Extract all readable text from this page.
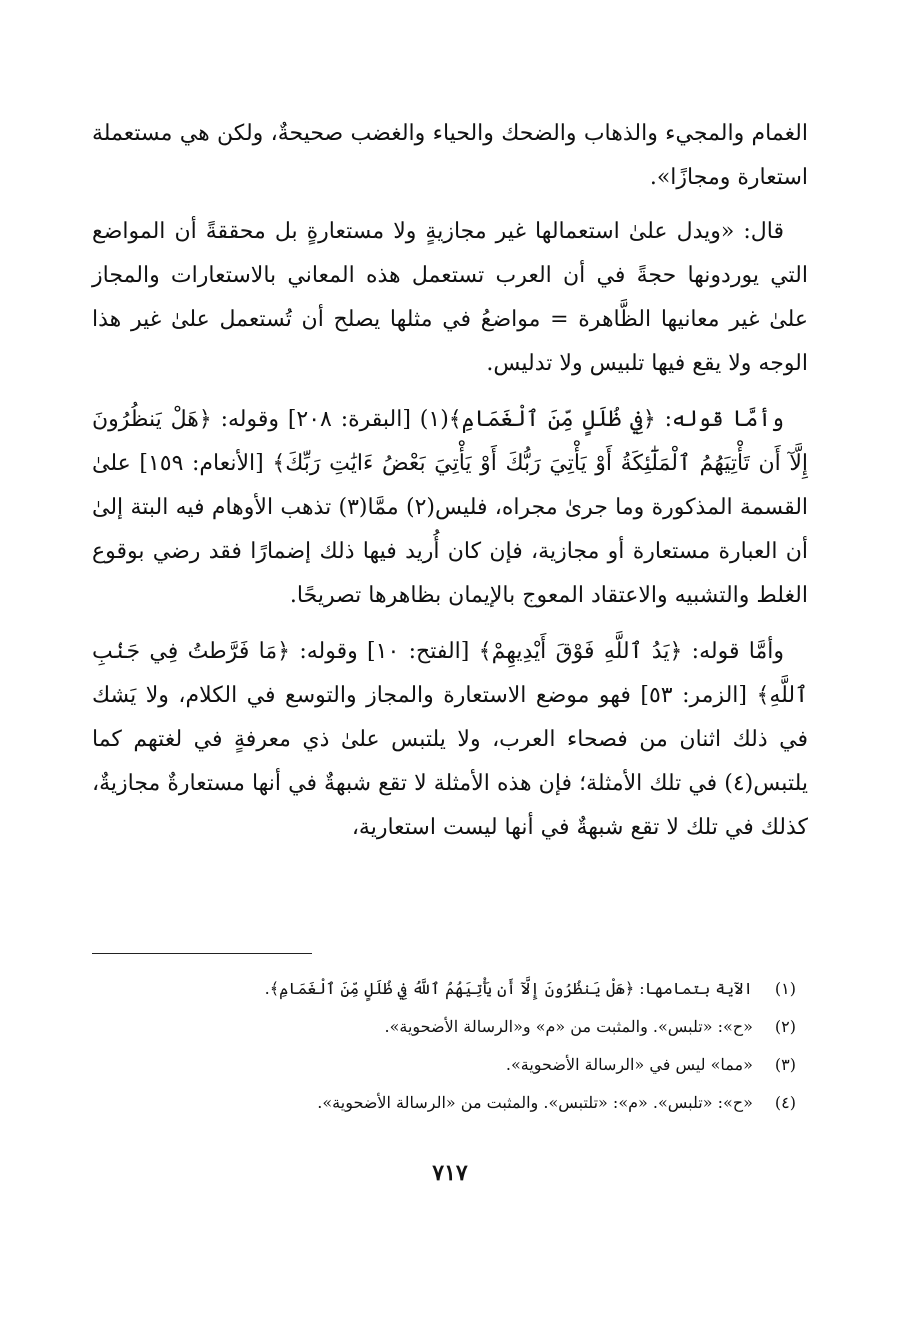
الغمام والمجيء والذهاب والضحك والحياء والغضب صحيحةٌ، ولكن هي مستعملة استعارة ومجازًا».

قال: «ويدل علىٰ استعمالها غير مجازيةٍ ولا مستعارةٍ بل محققةً أن المواضع التي يوردونها حجةً في أن العرب تستعمل هذه المعاني بالاستعارات والمجاز علىٰ غير معانيها الظَّاهرة = مواضعُ في مثلها يصلح أن تُستعمل علىٰ غير هذا الوجه ولا يقع فيها تلبيس ولا تدليس.

وأمَّا قوله: ﴿فِي ظُلَلٍ مِّنَ ٱلْغَمَامِ﴾(١) [البقرة: ٢٠٨] وقوله: ﴿هَلْ يَنظُرُونَ إِلَّآ أَن تَأْتِيَهُمُ ٱلْمَلَٰٓئِكَةُ أَوْ يَأْتِيَ رَبُّكَ أَوْ يَأْتِيَ بَعْضُ ءَايَٰتِ رَبِّكَ﴾ [الأنعام: ١٥٩] علىٰ القسمة المذكورة وما جرىٰ مجراه، فليس(٢) ممَّا(٣) تذهب الأوهام فيه البتة إلىٰ أن العبارة مستعارة أو مجازية، فإن كان أُريد فيها ذلك إضمارًا فقد رضي بوقوع الغلط والتشبيه والاعتقاد المعوج بالإيمان بظاهرها تصريحًا.

وأمَّا قوله: ﴿يَدُ ٱللَّهِ فَوْقَ أَيْدِيهِمْ﴾ [الفتح: ١٠] وقوله: ﴿مَا فَرَّطتُ فِي جَنۢبِ ٱللَّهِ﴾ [الزمر: ٥٣] فهو موضع الاستعارة والمجاز والتوسع في الكلام، ولا يَشك في ذلك اثنان من فصحاء العرب، ولا يلتبس علىٰ ذي معرفةٍ في لغتهم كما يلتبس(٤) في تلك الأمثلة؛ فإن هذه الأمثلة لا تقع شبهةٌ في أنها مستعارةٌ مجازيةٌ، كذلك في تلك لا تقع شبهةٌ في أنها ليست استعارية،

(١) الآية بتمامها: ﴿هَلْ يَنظُرُونَ إِلَّآ أَن يَأْتِيَهُمُ ٱللَّهُ فِي ظُلَلٍ مِّنَ ٱلْغَمَامِ﴾.
(٢) «ح»: «تلبس». والمثبت من «م» و«الرسالة الأضحوية».
(٣) «مما» ليس في «الرسالة الأضحوية».
(٤) «ح»: «تلبس». «م»: «تلتبس». والمثبت من «الرسالة الأضحوية».
٧١٧
